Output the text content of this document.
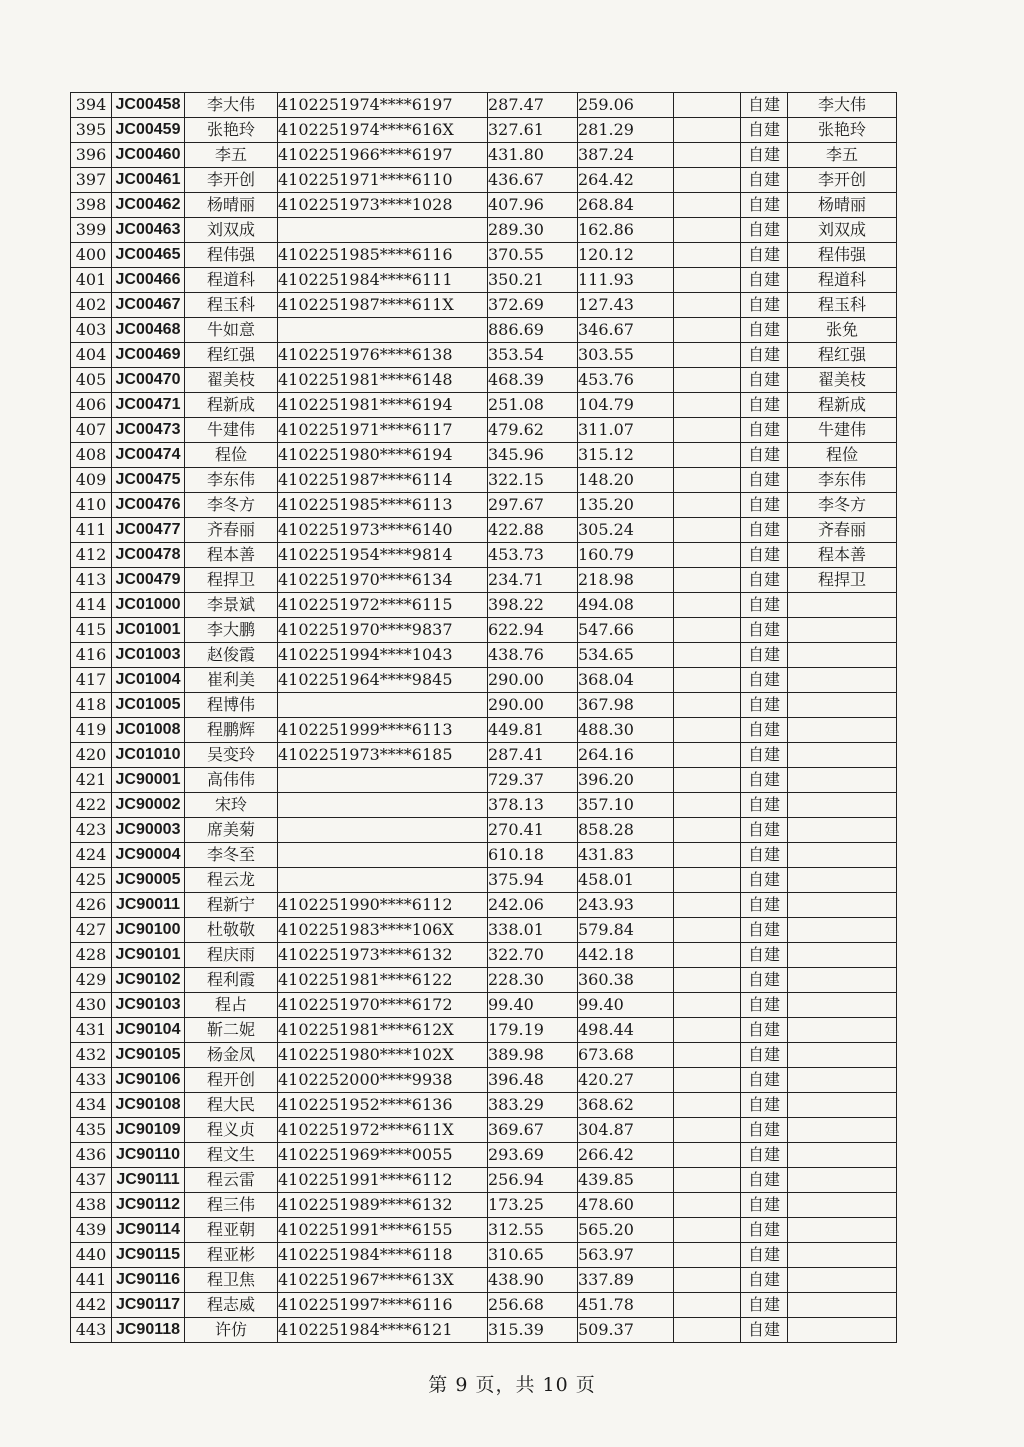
394	JC00458	李大伟	4102251974****6197	287.47	259.06		自建	李大伟
395	JC00459	张艳玲	4102251974****616X	327.61	281.29		自建	张艳玲
396	JC00460	李五	4102251966****6197	431.80	387.24		自建	李五
397	JC00461	李开创	4102251971****6110	436.67	264.42		自建	李开创
398	JC00462	杨晴丽	4102251973****1028	407.96	268.84		自建	杨晴丽
399	JC00463	刘双成		289.30	162.86		自建	刘双成
400	JC00465	程伟强	4102251985****6116	370.55	120.12		自建	程伟强
401	JC00466	程道科	4102251984****6111	350.21	111.93		自建	程道科
402	JC00467	程玉科	4102251987****611X	372.69	127.43		自建	程玉科
403	JC00468	牛如意		886.69	346.67		自建	张免
404	JC00469	程红强	4102251976****6138	353.54	303.55		自建	程红强
405	JC00470	翟美枝	4102251981****6148	468.39	453.76		自建	翟美枝
406	JC00471	程新成	4102251981****6194	251.08	104.79		自建	程新成
407	JC00473	牛建伟	4102251971****6117	479.62	311.07		自建	牛建伟
408	JC00474	程俭	4102251980****6194	345.96	315.12		自建	程俭
409	JC00475	李东伟	4102251987****6114	322.15	148.20		自建	李东伟
410	JC00476	李冬方	4102251985****6113	297.67	135.20		自建	李冬方
411	JC00477	齐春丽	4102251973****6140	422.88	305.24		自建	齐春丽
412	JC00478	程本善	4102251954****9814	453.73	160.79		自建	程本善
413	JC00479	程捍卫	4102251970****6134	234.71	218.98		自建	程捍卫
414	JC01000	李景斌	4102251972****6115	398.22	494.08		自建	
415	JC01001	李大鹏	4102251970****9837	622.94	547.66		自建	
416	JC01003	赵俊霞	4102251994****1043	438.76	534.65		自建	
417	JC01004	崔利美	4102251964****9845	290.00	368.04		自建	
418	JC01005	程博伟		290.00	367.98		自建	
419	JC01008	程鹏辉	4102251999****6113	449.81	488.30		自建	
420	JC01010	吴变玲	4102251973****6185	287.41	264.16		自建	
421	JC90001	高伟伟		729.37	396.20		自建	
422	JC90002	宋玲		378.13	357.10		自建	
423	JC90003	席美菊		270.41	858.28		自建	
424	JC90004	李冬至		610.18	431.83		自建	
425	JC90005	程云龙		375.94	458.01		自建	
426	JC90011	程新宁	4102251990****6112	242.06	243.93		自建	
427	JC90100	杜敬敬	4102251983****106X	338.01	579.84		自建	
428	JC90101	程庆雨	4102251973****6132	322.70	442.18		自建	
429	JC90102	程利霞	4102251981****6122	228.30	360.38		自建	
430	JC90103	程占	4102251970****6172	99.40	99.40		自建	
431	JC90104	靳二妮	4102251981****612X	179.19	498.44		自建	
432	JC90105	杨金凤	4102251980****102X	389.98	673.68		自建	
433	JC90106	程开创	4102252000****9938	396.48	420.27		自建	
434	JC90108	程大民	4102251952****6136	383.29	368.62		自建	
435	JC90109	程义贞	4102251972****611X	369.67	304.87		自建	
436	JC90110	程文生	4102251969****0055	293.69	266.42		自建	
437	JC90111	程云雷	4102251991****6112	256.94	439.85		自建	
438	JC90112	程三伟	4102251989****6132	173.25	478.60		自建	
439	JC90114	程亚朝	4102251991****6155	312.55	565.20		自建	
440	JC90115	程亚彬	4102251984****6118	310.65	563.97		自建	
441	JC90116	程卫焦	4102251967****613X	438.90	337.89		自建	
442	JC90117	程志威	4102251997****6116	256.68	451.78		自建	
443	JC90118	许仿	4102251984****6121	315.39	509.37		自建	
第 9 页，共 10 页
